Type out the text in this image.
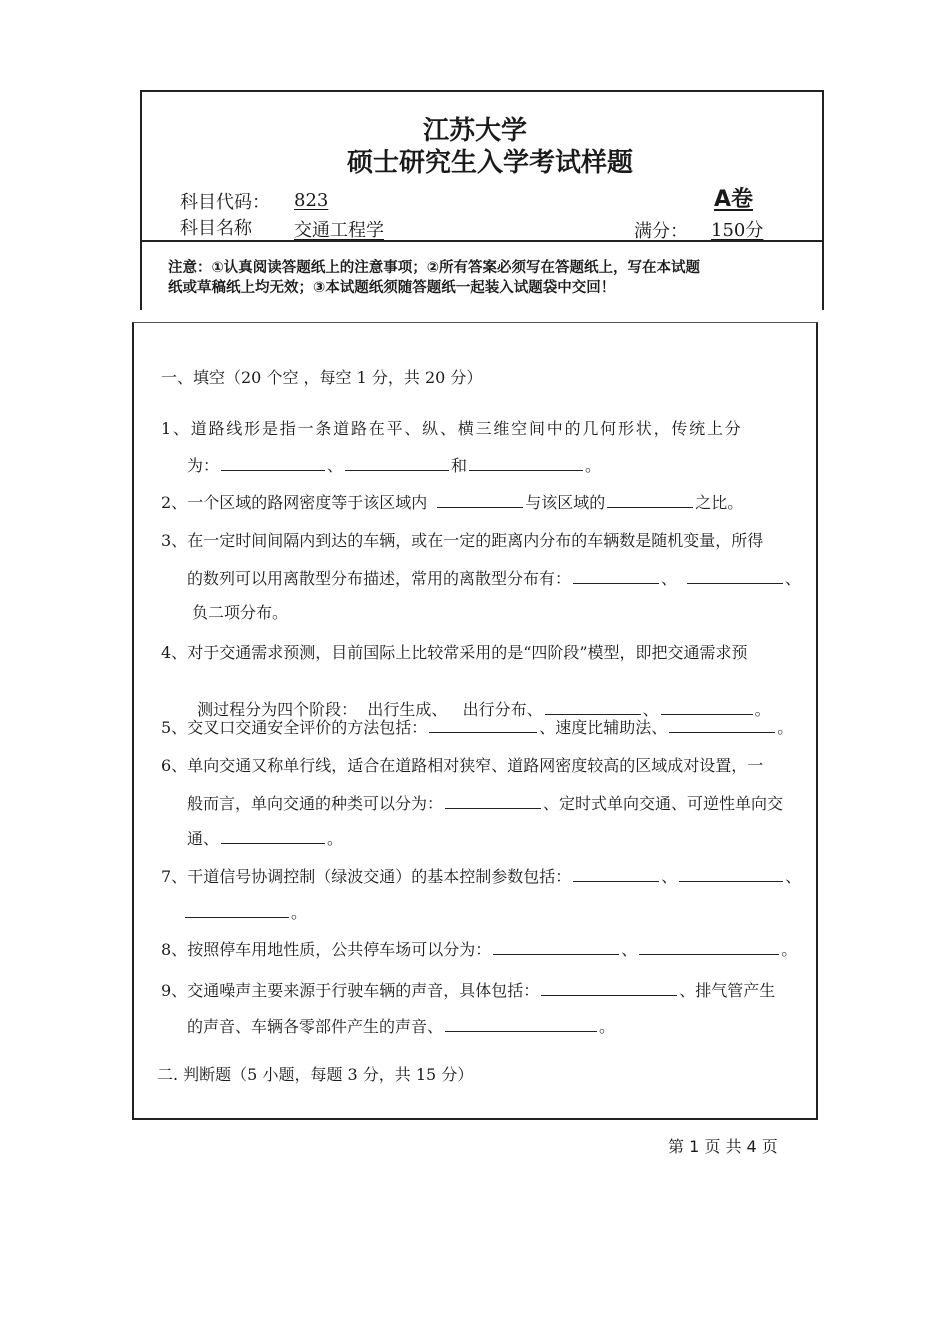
江苏大学
硕士研究生入学考试样题
科目代码： 823	A卷
科目名称 交通工程学	满分： 150分
注意：①认真阅读答题纸上的注意事项；②所有答案必须写在答题纸上，写在本试题
纸或草稿纸上均无效；③本试题纸须随答题纸一起装入试题袋中交回！
一、填空（20 个空 ，每空 1 分，共 20 分）
1、道路线形是指一条道路在平、纵、横三维空间中的几何形状，传统上分
为：	、	和	。
2、一个区域的路网密度等于该区域内	与该区域的	之比。
3、在一定时间间隔内到达的车辆，或在一定的距离内分布的车辆数是随机变量，所得
的数列可以用离散型分布描述，常用的离散型分布有：	、	、
负二项分布。
4、对于交通需求预测，目前国际上比较常采用的是“四阶段”模型，即把交通需求预

测过程分为四个阶段：  出行生成、   出行分布、	、	。

5、交叉口交通安全评价的方法包括：	、速度比辅助法、	。
6、单向交通又称单行线，适合在道路相对狭窄、道路网密度较高的区域成对设置，一
般而言，单向交通的种类可以分为：	、定时式单向交通、可逆性单向交
通、	。
7、干道信号协调控制（绿波交通）的基本控制参数包括：	、	、
。
8、按照停车用地性质，公共停车场可以分为：	、	。
9、交通噪声主要来源于行驶车辆的声音，具体包括：	、排气管产生
的声音、车辆各零部件产生的声音、	。
二. 判断题（5 小题，每题 3 分，共 15 分）
第 1 页 共 4 页
